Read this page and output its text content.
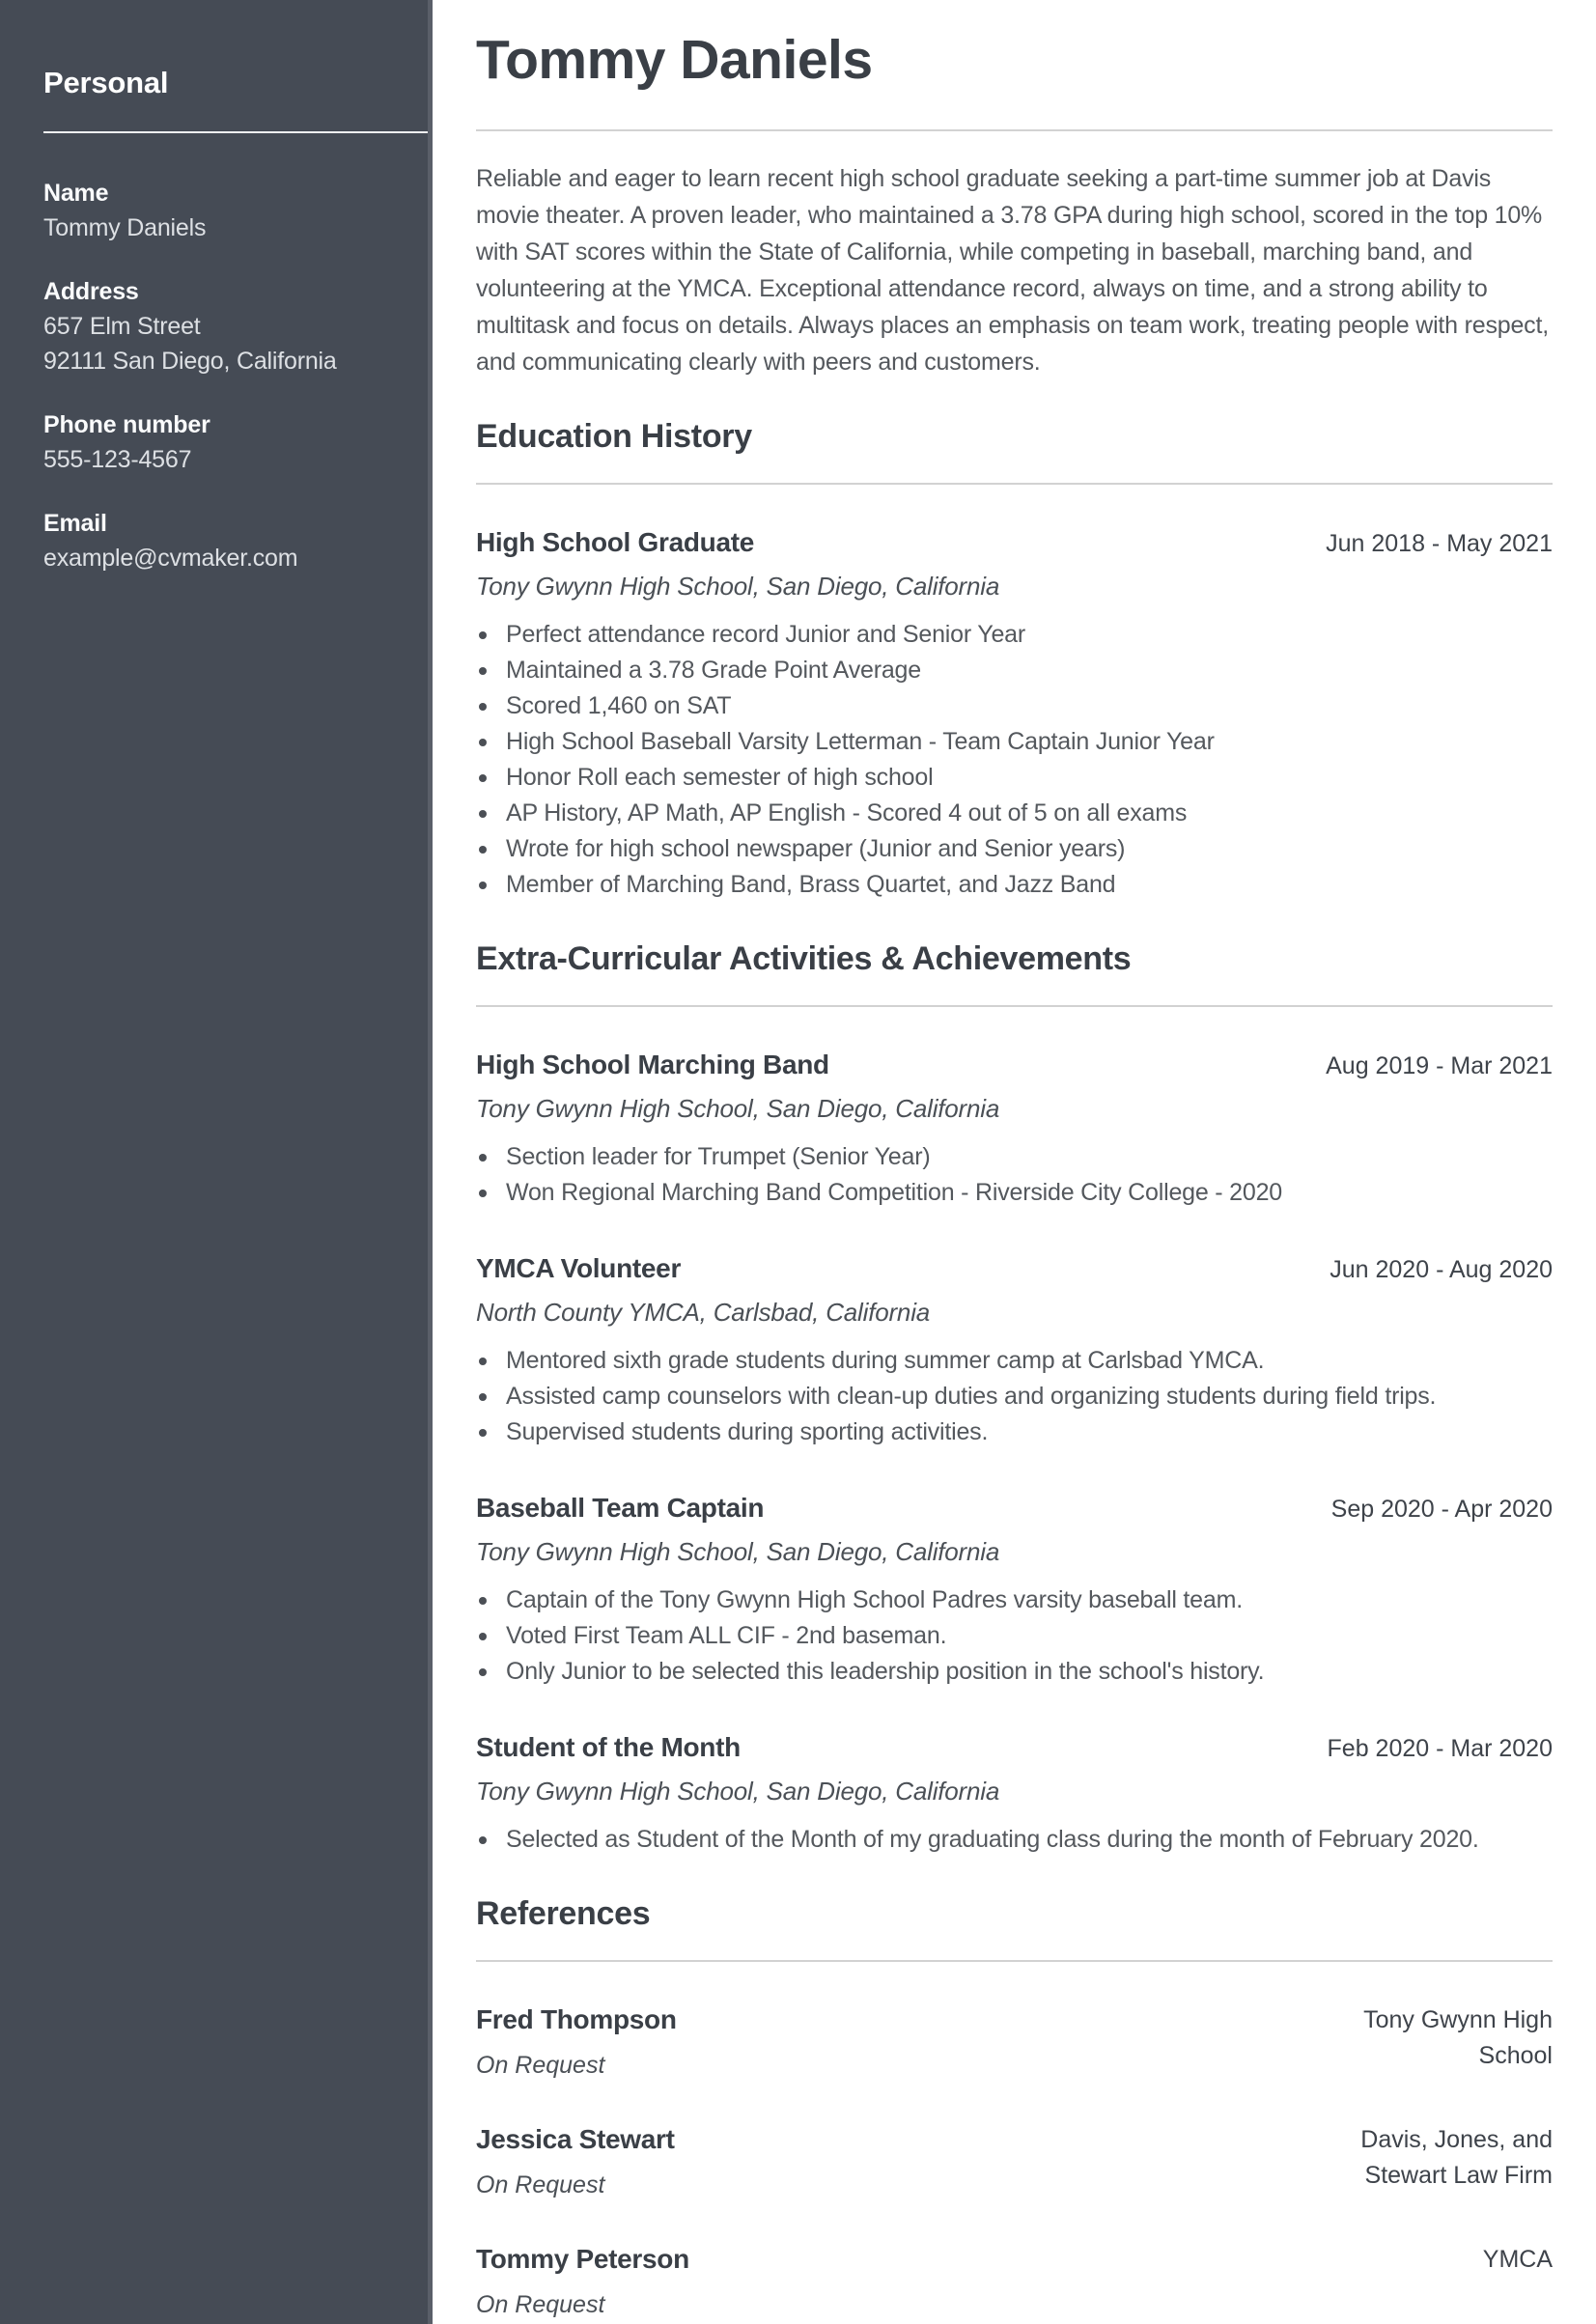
Personal
Name
Tommy Daniels
Address
657 Elm Street
92111 San Diego, California
Phone number
555-123-4567
Email
example@cvmaker.com
Tommy Daniels

Reliable and eager to learn recent high school graduate seeking a part-time summer job at Davis movie theater. A proven leader, who maintained a 3.78 GPA during high school, scored in the top 10% with SAT scores within the State of California, while competing in baseball, marching band, and volunteering at the YMCA. Exceptional attendance record, always on time, and a strong ability to multitask and focus on details. Always places an emphasis on team work, treating people with respect, and communicating clearly with peers and customers.

Education History
High School Graduate	Jun 2018 - May 2021
Tony Gwynn High School, San Diego, California
Perfect attendance record Junior and Senior Year
Maintained a 3.78 Grade Point Average
Scored 1,460 on SAT
High School Baseball Varsity Letterman - Team Captain Junior Year
Honor Roll each semester of high school
AP History, AP Math, AP English - Scored 4 out of 5 on all exams
Wrote for high school newspaper (Junior and Senior years)
Member of Marching Band, Brass Quartet, and Jazz Band
Extra-Curricular Activities & Achievements
High School Marching Band	Aug 2019 - Mar 2021
Tony Gwynn High School, San Diego, California
Section leader for Trumpet (Senior Year)
Won Regional Marching Band Competition - Riverside City College - 2020
YMCA Volunteer	Jun 2020 - Aug 2020
North County YMCA, Carlsbad, California
Mentored sixth grade students during summer camp at Carlsbad YMCA.
Assisted camp counselors with clean-up duties and organizing students during field trips.
Supervised students during sporting activities.
Baseball Team Captain	Sep 2020 - Apr 2020
Tony Gwynn High School, San Diego, California
Captain of the Tony Gwynn High School Padres varsity baseball team.
Voted First Team ALL CIF - 2nd baseman.
Only Junior to be selected this leadership position in the school's history.
Student of the Month	Feb 2020 - Mar 2020
Tony Gwynn High School, San Diego, California
Selected as Student of the Month of my graduating class during the month of February 2020.
References
Fred Thompson
On Request
Tony Gwynn High School
Jessica Stewart
On Request
Davis, Jones, and Stewart Law Firm
Tommy Peterson
On Request
YMCA
